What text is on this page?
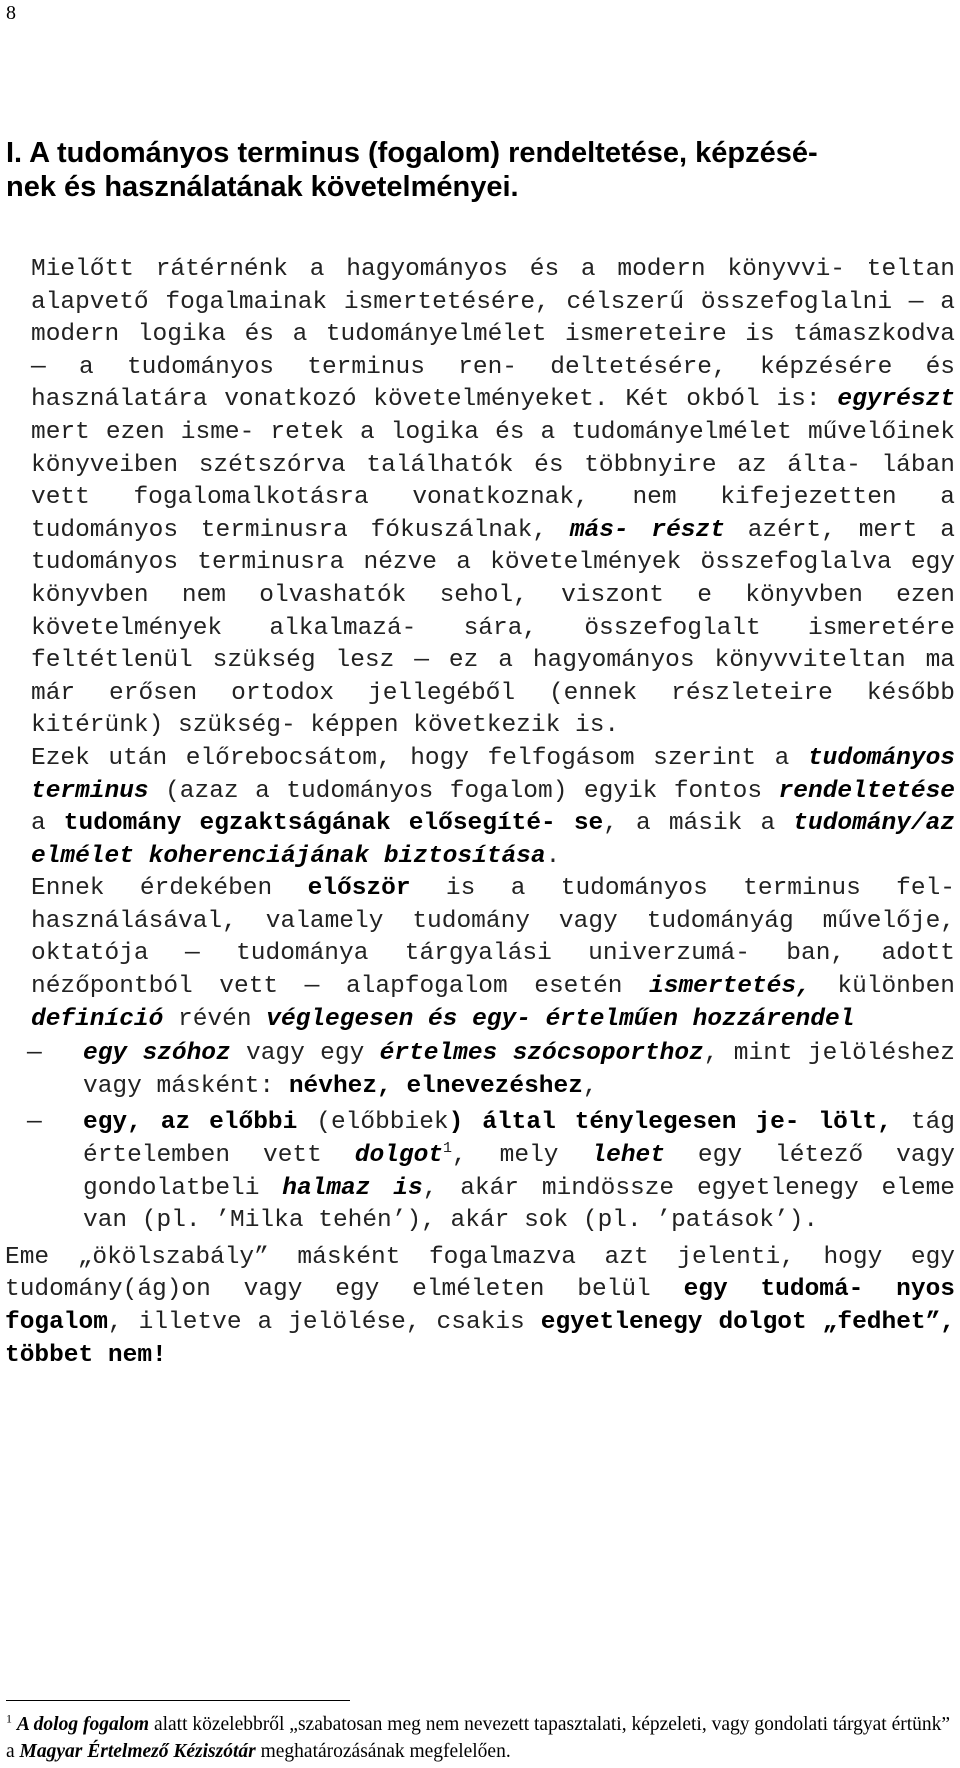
8
I. A tudományos terminus (fogalom) rendeltetése, képzésé-
nek és használatának követelményei.

Mielőtt rátérnénk a hagyományos és a modern könyvvi- teltan alapvető fogalmainak ismertetésére, célszerű összefoglalni — a modern logika és a tudományelmélet ismereteire is támaszkodva — a tudományos terminus ren- deltetésére, képzésére és használatára vonatkozó követelményeket. Két okból is: egyrészt mert ezen isme- retek a logika és a tudományelmélet művelőinek könyveiben szétszórva találhatók és többnyire az álta- lában vett fogalomalkotásra vonatkoznak, nem kifejezetten a tudományos terminusra fókuszálnak, más- részt azért, mert a tudományos terminusra nézve a követelmények összefoglalva egy könyvben nem olvashatók sehol, viszont e könyvben ezen követelmények alkalmazá- sára, összefoglalt ismeretére feltétlenül szükség lesz — ez a hagyományos könyvviteltan ma már erősen ortodox jellegéből (ennek részleteire később kitérünk) szükség- képpen következik is.

Ezek után előrebocsátom, hogy felfogásom szerint a tudományos terminus (azaz a tudományos fogalom) egyik fontos rendeltetése a tudomány egzaktságának elősegíté- se, a másik a tudomány/az elmélet koherenciájának biztosítása.

Ennek érdekében először is a tudományos terminus fel- használásával, valamely tudomány vagy tudományág művelője, oktatója — tudománya tárgyalási univerzumá- ban, adott nézőpontból vett — alapfogalom esetén ismertetés, különben definíció révén véglegesen és egy- értelműen hozzárendel

— egy szóhoz vagy egy értelmes szócsoporthoz, mint jelöléshez vagy másként: névhez, elnevezéshez,
— egy, az előbbi (előbbiek) által ténylegesen je- lölt, tág értelemben vett dolgot$^1$, mely lehet egy létező vagy gondolatbeli halmaz is, akár mindössze egyetlenegy eleme van (pl. ’Milka tehén’), akár sok (pl. ’patások’).

Eme „ökölszabály” másként fogalmazva azt jelenti, hogy egy tudomány(ág)on vagy egy elméleten belül egy tudomá- nyos fogalom, illetve a jelölése, csakis egyetlenegy dolgot „fedhet”, többet nem!

$^1$ A dolog fogalom alatt közelebbről „szabatosan meg nem nevezett tapasztalati, képzeleti, vagy gondolati tárgyat értünk” a Magyar Értelmező Kéziszótár meghatározásának megfelelően.
